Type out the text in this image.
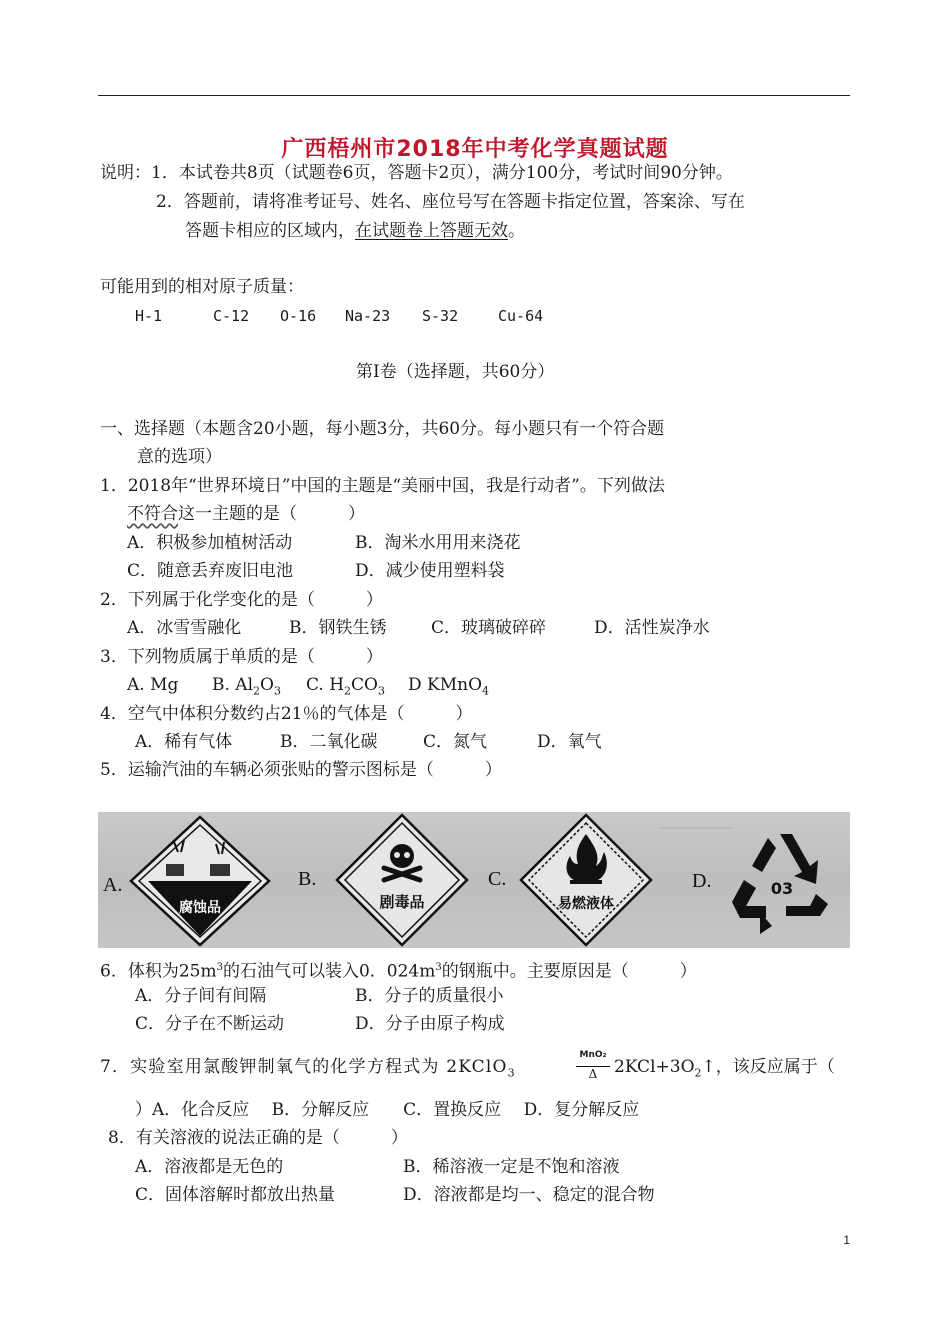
广西梧州市2018年中考化学真题试题
说明：1．本试卷共8页（试题卷6页，答题卡2页），满分100分，考试时间90分钟。
2．答题前，请将准考证号、姓名、座位号写在答题卡指定位置，答案涂、写在
答题卡相应的区域内，在试题卷上答题无效。
可能用到的相对原子质量：
H-1	C-12 O-16 Na-23 S-32	Cu-64
第Ⅰ卷（选择题，共60分）
一、选择题（本题含20小题，每小题3分，共60分。每小题只有一个符合题
意的选项）
1．2018年“世界环境日”中国的主题是“美丽中国，我是行动者”。下列做法
不符合这一主题的是（　　　）
A．积极参加植树活动	B．淘米水用用来浇花
C．随意丢弃废旧电池	D．减少使用塑料袋
2．下列属于化学变化的是（　　　）
A．冰雪雪融化	B．钢铁生锈	C．玻璃破碎碎	D．活性炭净水
3．下列物质属于单质的是（　　　）
A. Mg B. $Al_2O_3$ C. $H_2CO_3$ D KMnO$_4$
4．空气中体积分数约占21％的气体是（　　　）
A．稀有气体	B．二氧化碳	C．氮气	D．氧气
5．运输汽油的车辆必须张贴的警示图标是（　　　）
—————
A.
腐蚀品
B.
剧毒品
C.
易燃液体
D.	03
6．体积为$25m^3$的石油气可以装入0．$024m^3$的钢瓶中。主要原因是（　　　）
A．分子间有间隔	B．分子的质量很小
C．分子在不断运动	D．分子由原子构成
7．实验室用氯酸钾制氧气的化学方程式为 2KClO$_3$
MnO₂
Δ $2KCl+3O_2↑$，该反应属于（
）A．化合反应　 B．分解反应　　C．置换反应　 D．复分解反应
8．有关溶液的说法正确的是（　　　）
A．溶液都是无色的	B．稀溶液一定是不饱和溶液
C．固体溶解时都放出热量	D．溶液都是均一、稳定的混合物
1
